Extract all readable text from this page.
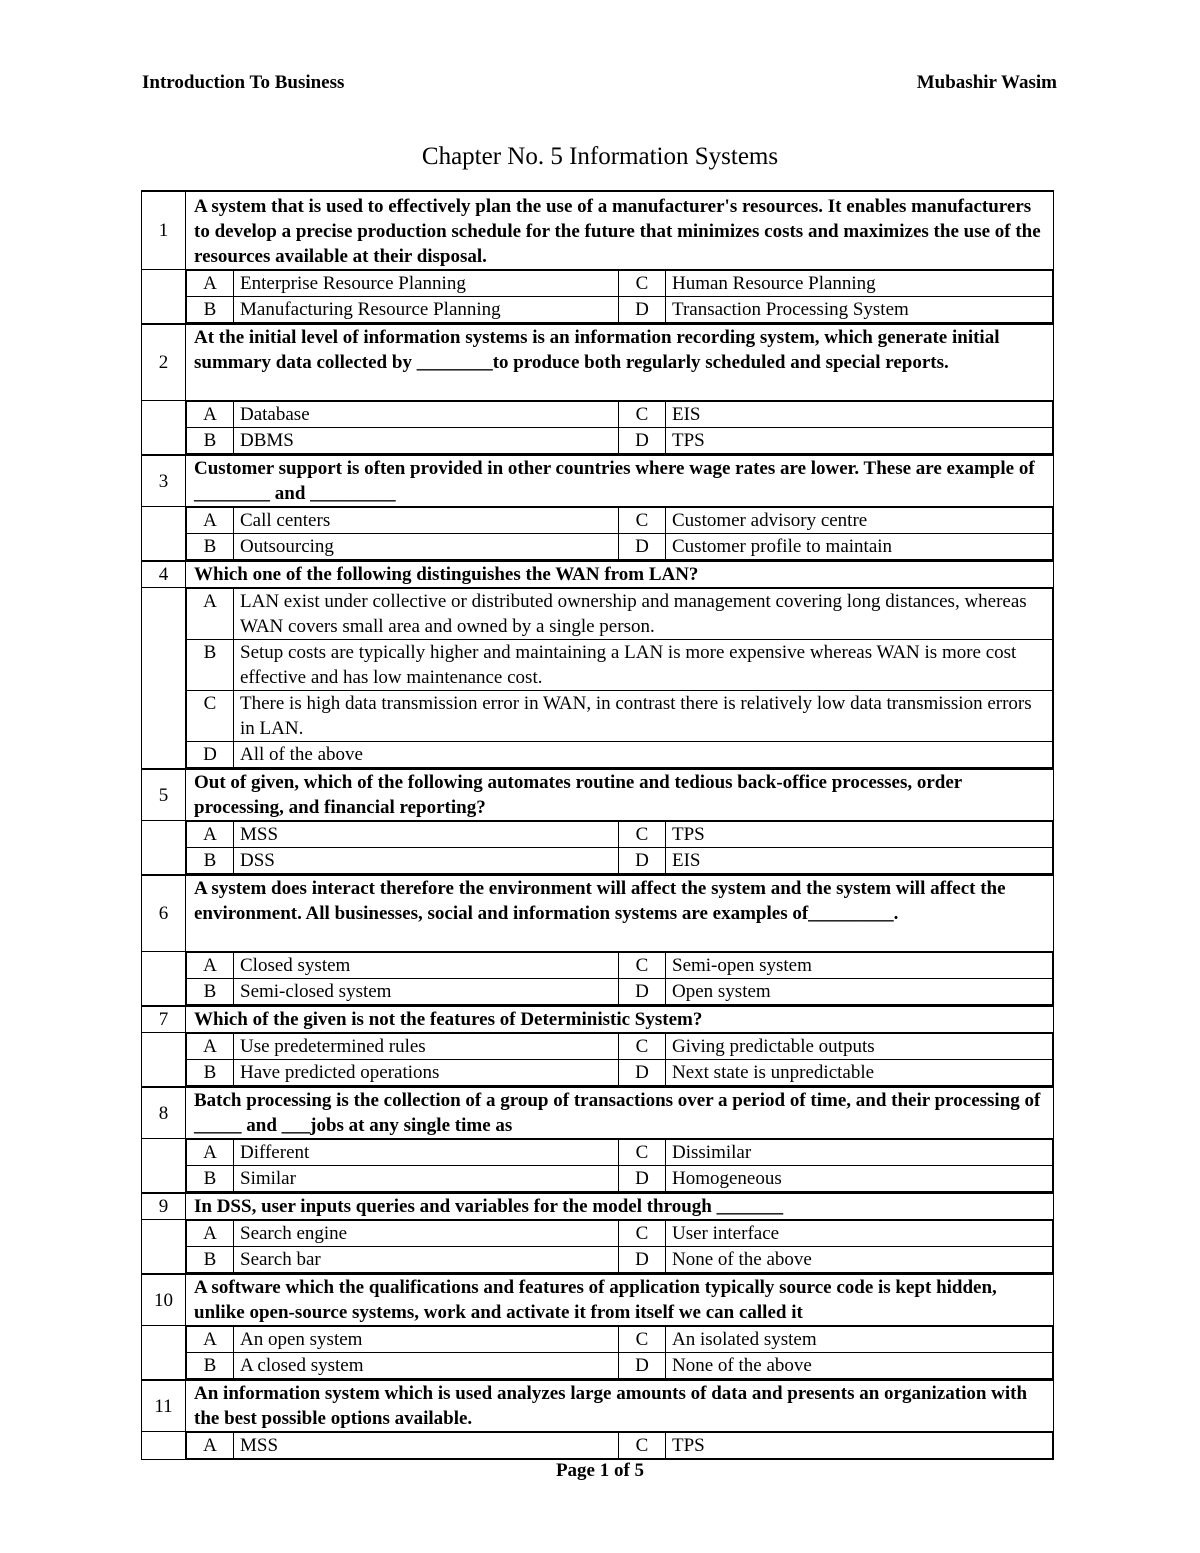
Introduction To Business	Mubashir Wasim
Chapter No. 5 Information Systems
1	A system that is used to effectively plan the use of a manufacturer's resources. It enables manufacturers to develop a precise production schedule for the future that minimizes costs and maximizes the use of the resources available at their disposal.

A	Enterprise Resource Planning	C	Human Resource Planning
B	Manufacturing Resource Planning	D	Transaction Processing System

2	At the initial level of information systems is an information recording system, which generate initial summary data collected by ________to produce both regularly scheduled and special reports.

A	Database	C	EIS
B	DBMS	D	TPS

3	Customer support is often provided in other countries where wage rates are lower. These are example of ________ and _________

A	Call centers	C	Customer advisory centre
B	Outsourcing	D	Customer profile to maintain

4	Which one of the following distinguishes the WAN from LAN?

A	LAN exist under collective or distributed ownership and management covering long distances, whereas WAN covers small area and owned by a single person.
B	Setup costs are typically higher and maintaining a LAN is more expensive whereas WAN is more cost effective and has low maintenance cost.
C	There is high data transmission error in WAN, in contrast there is relatively low data transmission errors in LAN.
D	All of the above

5	Out of given, which of the following automates routine and tedious back-office processes, order processing, and financial reporting?

A	MSS	C	TPS
B	DSS	D	EIS

6	A system does interact therefore the environment will affect the system and the system will affect the environment. All businesses, social and information systems are examples of_________.

A	Closed system	C	Semi-open system
B	Semi-closed system	D	Open system

7	Which of the given is not the features of Deterministic System?

A	Use predetermined rules	C	Giving predictable outputs
B	Have predicted operations	D	Next state is unpredictable

8	Batch processing is the collection of a group of transactions over a period of time, and their processing of _____ and ___jobs at any single time as

A	Different	C	Dissimilar
B	Similar	D	Homogeneous

9	In DSS, user inputs queries and variables for the model through _______

A	Search engine	C	User interface
B	Search bar	D	None of the above

10	A software which the qualifications and features of application typically source code is kept hidden, unlike open-source systems, work and activate it from itself we can called it

A	An open system	C	An isolated system
B	A closed system	D	None of the above

11	An information system which is used analyzes large amounts of data and presents an organization with the best possible options available.

A	MSS	C	TPS
Page 1 of 5
